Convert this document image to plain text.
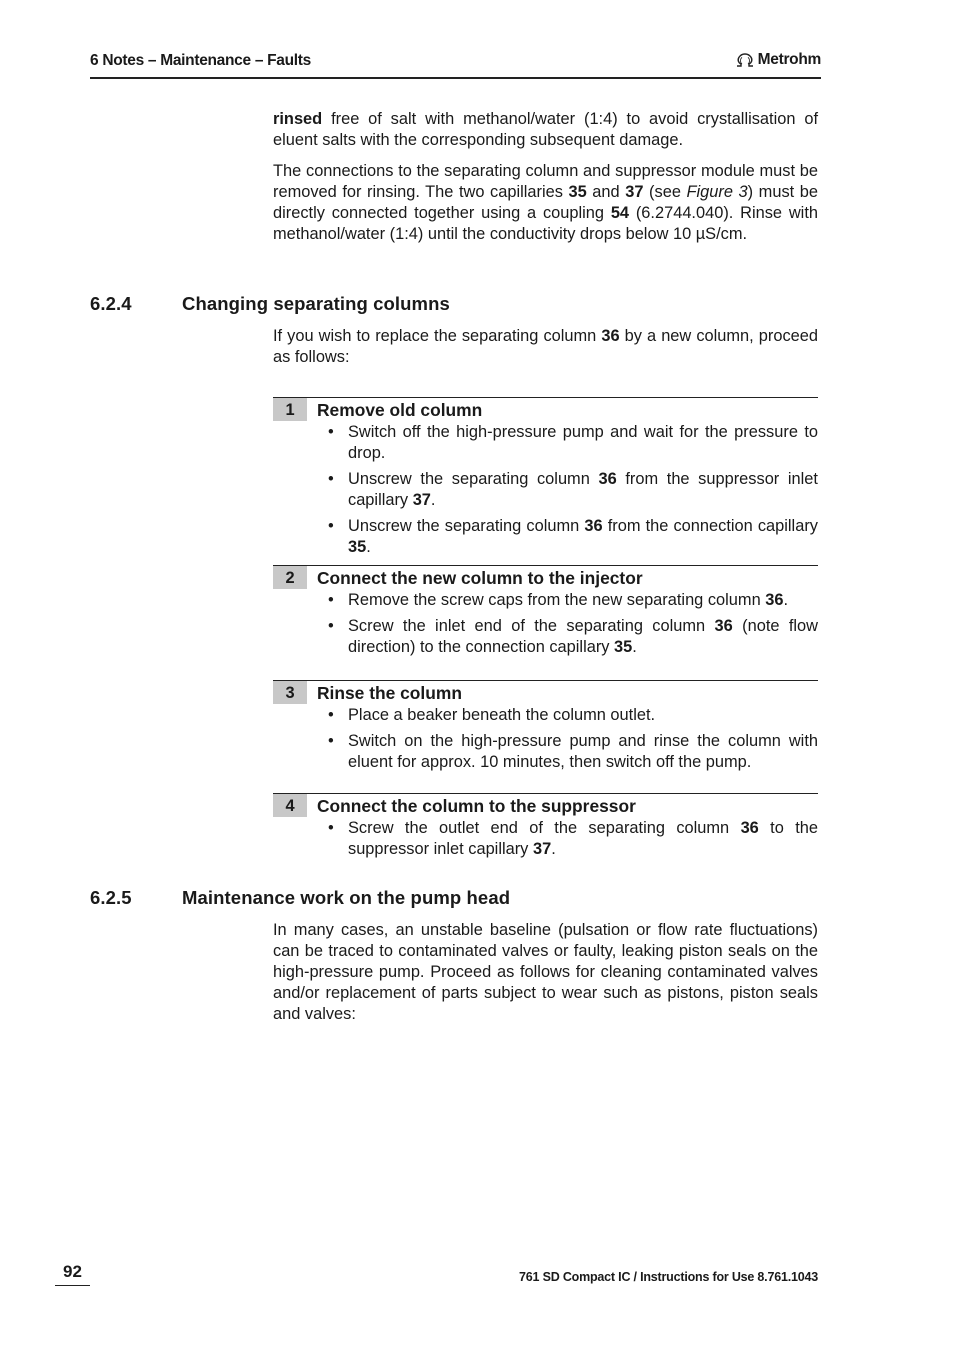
6 Notes – Maintenance – Faults	Metrohm

rinsed free of salt with methanol/water (1:4) to avoid crystallisation of eluent salts with the corresponding subsequent damage.

The connections to the separating column and suppressor module must be removed for rinsing. The two capillaries 35 and 37 (see Figure 3) must be directly connected together using a coupling 54 (6.2744.040). Rinse with methanol/water (1:4) until the conductivity drops below 10 µS/cm.

6.2.4	Changing separating columns

If you wish to replace the separating column 36 by a new column, proceed as follows:

1	Remove old column
• Switch off the high-pressure pump and wait for the pressure to drop.
• Unscrew the separating column 36 from the suppressor inlet capillary 37.
• Unscrew the separating column 36 from the connection capillary 35.
2	Connect the new column to the injector
• Remove the screw caps from the new separating column 36.
• Screw the inlet end of the separating column 36 (note flow direction) to the connection capillary 35.
3	Rinse the column
• Place a beaker beneath the column outlet.
• Switch on the high-pressure pump and rinse the column with eluent for approx. 10 minutes, then switch off the pump.
4	Connect the column to the suppressor
• Screw the outlet end of the separating column 36 to the suppressor inlet capillary 37.
6.2.5	Maintenance work on the pump head

In many cases, an unstable baseline (pulsation or flow rate fluctuations) can be traced to contaminated valves or faulty, leaking piston seals on the high-pressure pump. Proceed as follows for cleaning contaminated valves and/or replacement of parts subject to wear such as pistons, piston seals and valves:

92	761 SD Compact IC / Instructions for Use 8.761.1043
